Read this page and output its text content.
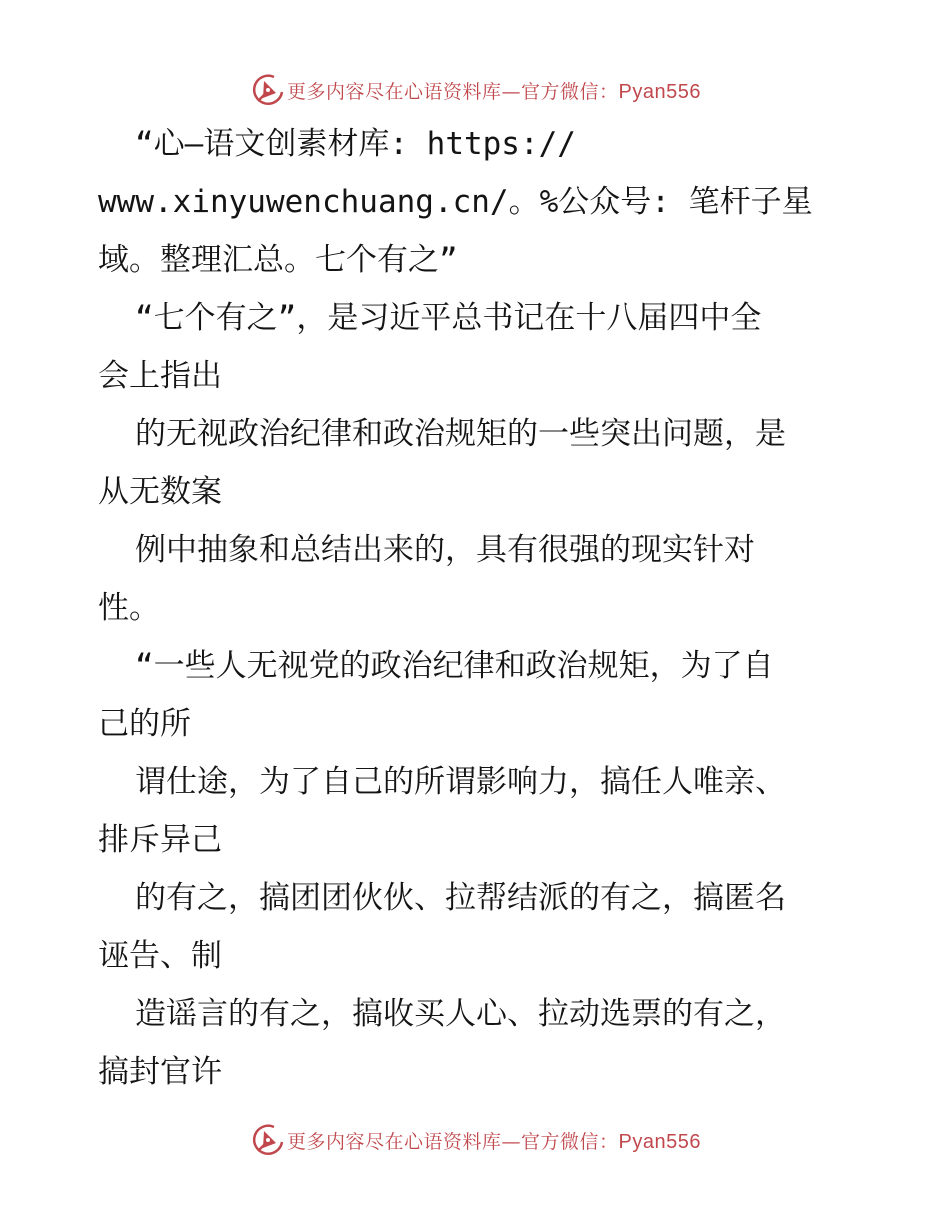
更多内容尽在心语资料库—官方微信：Pyan556
“心—语文创素材库: https://
www.xinyuwenchuang.cn/。%公众号: 笔杆子星
域。整理汇总。七个有之”
“七个有之”，是习近平总书记在十八届四中全
会上指出
的无视政治纪律和政治规矩的一些突出问题，是
从无数案
例中抽象和总结出来的，具有很强的现实针对
性。
“一些人无视党的政治纪律和政治规矩，为了自
己的所
谓仕途，为了自己的所谓影响力，搞任人唯亲、
排斥异己
的有之，搞团团伙伙、拉帮结派的有之，搞匿名
诬告、制
造谣言的有之，搞收买人心、拉动选票的有之，
搞封官许
更多内容尽在心语资料库—官方微信：Pyan556
